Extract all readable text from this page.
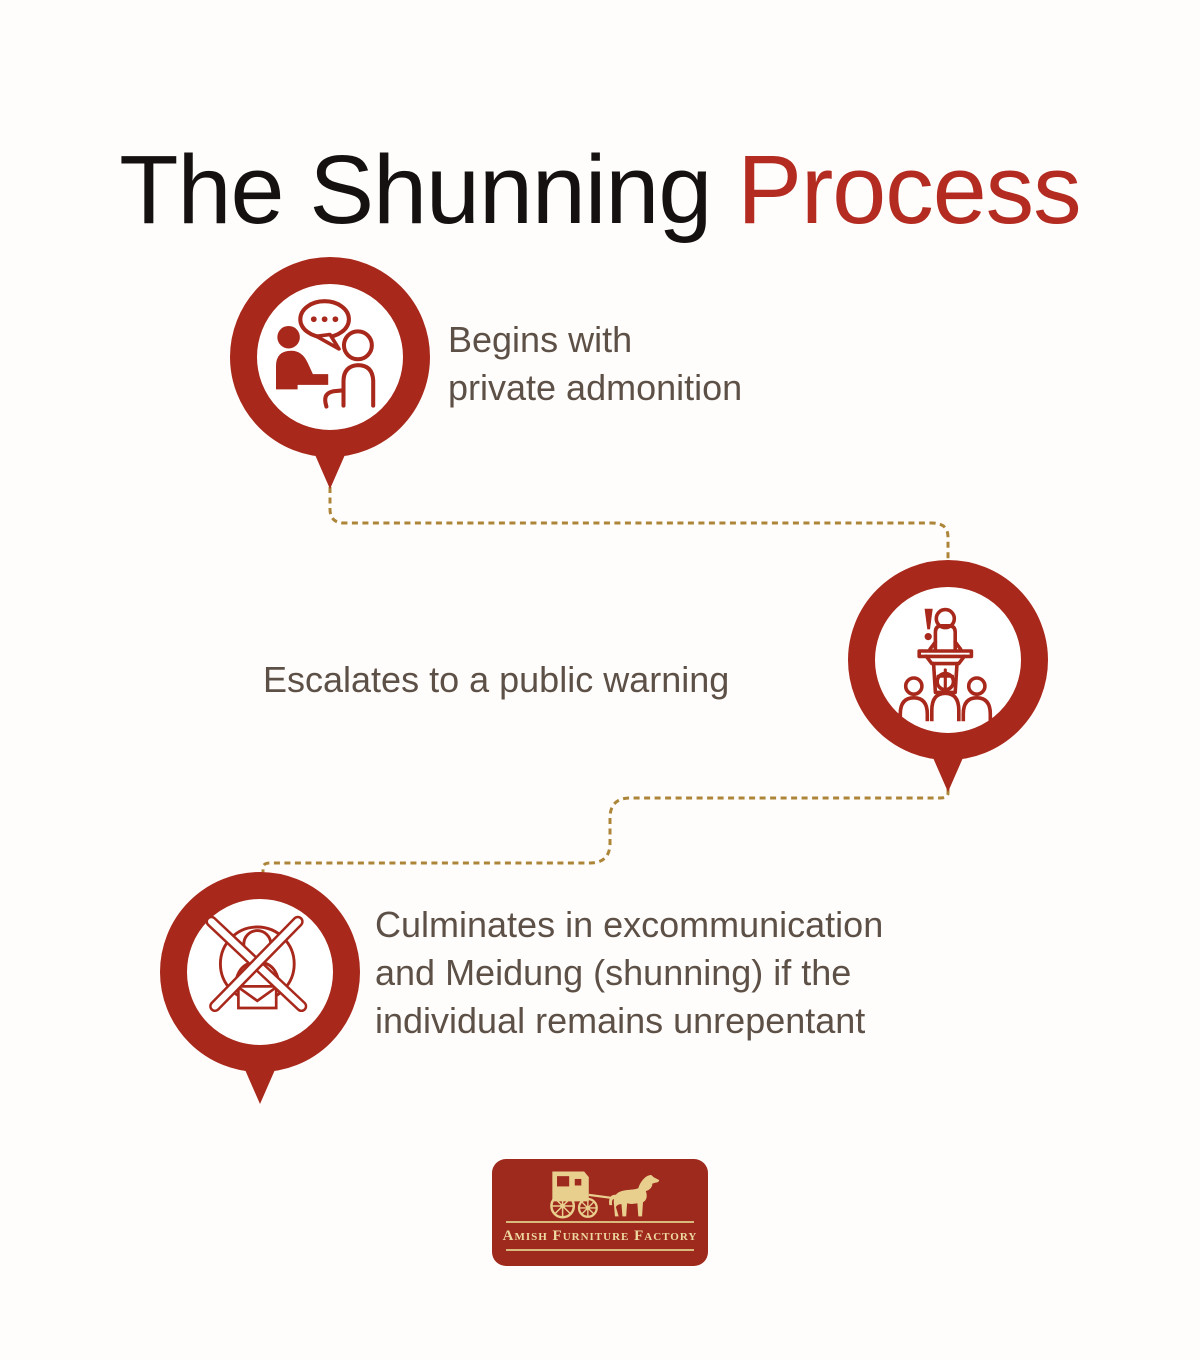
The Shunning Process
Begins with
private admonition
Escalates to a public warning
Culminates in excommunication
and Meidung (shunning) if the
individual remains unrepentant
Amish Furniture Factory
